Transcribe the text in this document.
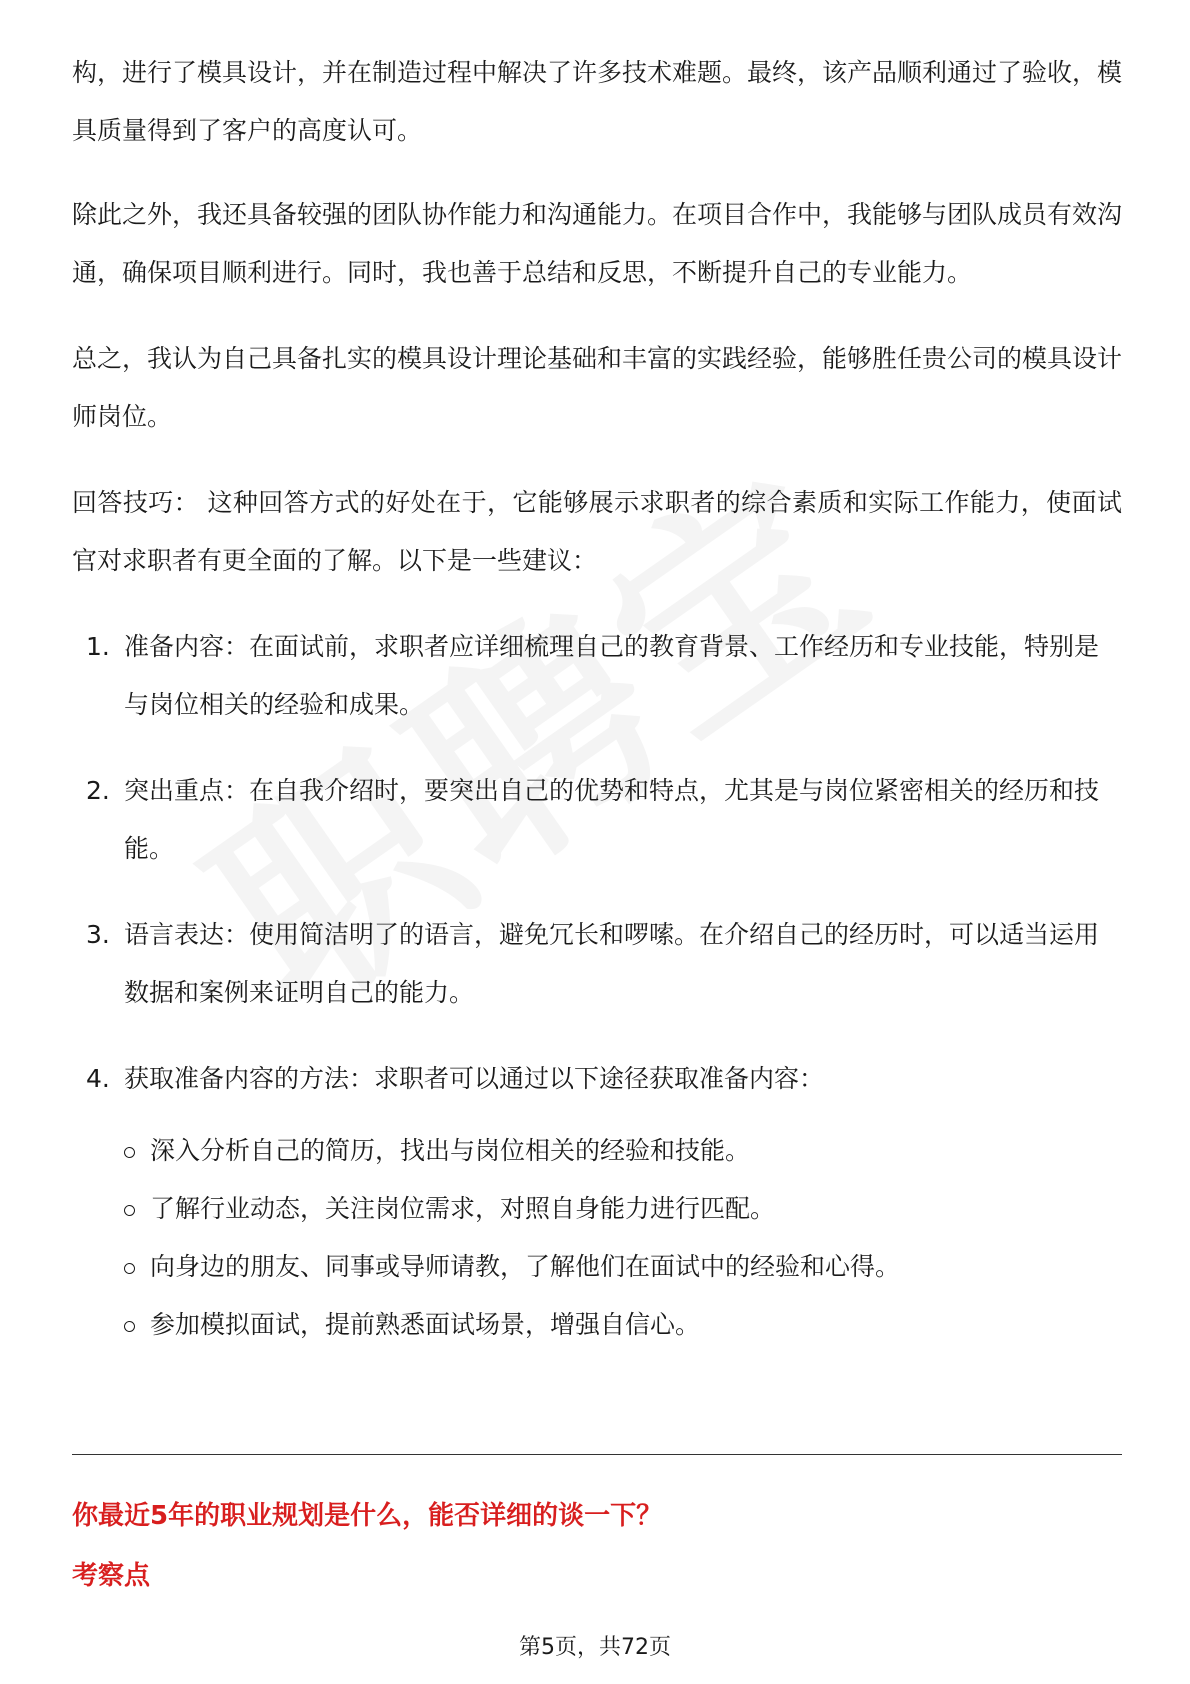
构，进行了模具设计，并在制造过程中解决了许多技术难题。最终，该产品顺利通过了验收，模具质量得到了客户的高度认可。

除此之外，我还具备较强的团队协作能力和沟通能力。在项目合作中，我能够与团队成员有效沟通，确保项目顺利进行。同时，我也善于总结和反思，不断提升自己的专业能力。

总之，我认为自己具备扎实的模具设计理论基础和丰富的实践经验，能够胜任贵公司的模具设计师岗位。

回答技巧： 这种回答方式的好处在于，它能够展示求职者的综合素质和实际工作能力，使面试官对求职者有更全面的了解。以下是一些建议：

1. 准备内容：在面试前，求职者应详细梳理自己的教育背景、工作经历和专业技能，特别是与岗位相关的经验和成果。
2. 突出重点：在自我介绍时，要突出自己的优势和特点，尤其是与岗位紧密相关的经历和技能。
3. 语言表达：使用简洁明了的语言，避免冗长和啰嗦。在介绍自己的经历时，可以适当运用数据和案例来证明自己的能力。
4. 获取准备内容的方法：求职者可以通过以下途径获取准备内容：
深入分析自己的简历，找出与岗位相关的经验和技能。
了解行业动态，关注岗位需求，对照自身能力进行匹配。
向身边的朋友、同事或导师请教，了解他们在面试中的经验和心得。
参加模拟面试，提前熟悉面试场景，增强自信心。
你最近5年的职业规划是什么，能否详细的谈一下？
考察点
第5页，共72页
